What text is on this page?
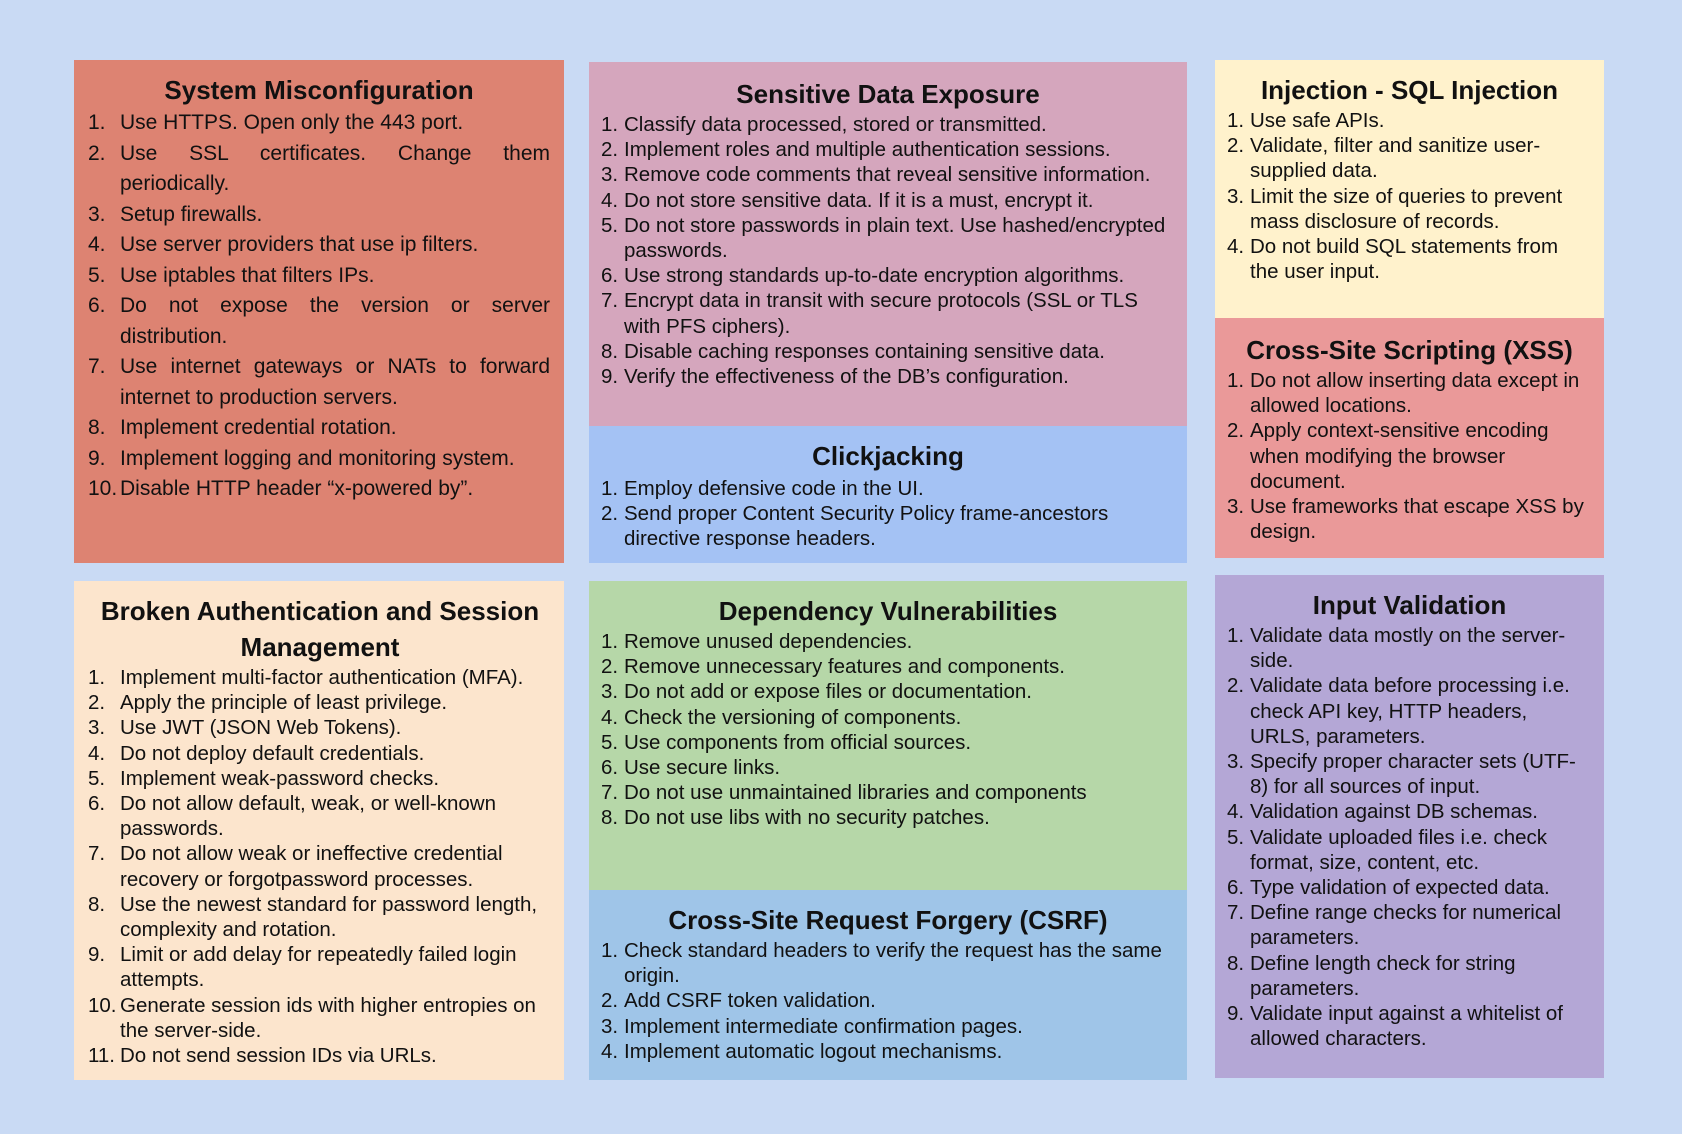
System Misconfiguration
1. Use HTTPS. Open only the 443 port.
2. Use SSL certificates. Change them periodically.
3. Setup firewalls.
4. Use server providers that use ip filters.
5. Use iptables that filters IPs.
6. Do not expose the version or server distribution.
7. Use internet gateways or NATs to forward internet to production servers.
8. Implement credential rotation.
9. Implement logging and monitoring system.
10. Disable HTTP header “x-powered by”.
Sensitive Data Exposure
1. Classify data processed, stored or transmitted.
2. Implement roles and multiple authentication sessions.
3. Remove code comments that reveal sensitive information.
4. Do not store sensitive data. If it is a must, encrypt it.
5. Do not store passwords in plain text. Use hashed/encrypted passwords.
6. Use strong standards up-to-date encryption algorithms.
7. Encrypt data in transit with secure protocols (SSL or TLS with PFS ciphers).
8. Disable caching responses containing sensitive data.
9. Verify the effectiveness of the DB’s configuration.
Clickjacking
1. Employ defensive code in the UI.
2. Send proper Content Security Policy frame-ancestors directive response headers.
Injection - SQL Injection
1. Use safe APIs.
2. Validate, filter and sanitize user-supplied data.
3. Limit the size of queries to prevent mass disclosure of records.
4. Do not build SQL statements from the user input.
Cross-Site Scripting (XSS)
1. Do not allow inserting data except in allowed locations.
2. Apply context-sensitive encoding when modifying the browser document.
3. Use frameworks that escape XSS by design.
Broken Authentication and Session Management
1. Implement multi-factor authentication (MFA).
2. Apply the principle of least privilege.
3. Use JWT (JSON Web Tokens).
4. Do not deploy default credentials.
5. Implement weak-password checks.
6. Do not allow default, weak, or well-known passwords.
7. Do not allow weak or ineffective credential recovery or forgotpassword processes.
8. Use the newest standard for password length, complexity and rotation.
9. Limit or add delay for repeatedly failed login attempts.
10. Generate session ids with higher entropies on the server-side.
11. Do not send session IDs via URLs.
Dependency Vulnerabilities
1. Remove unused dependencies.
2. Remove unnecessary features and components.
3. Do not add or expose files or documentation.
4. Check the versioning of components.
5. Use components from official sources.
6. Use secure links.
7. Do not use unmaintained libraries and components
8. Do not use libs with no security patches.
Cross-Site Request Forgery (CSRF)
1. Check standard headers to verify the request has the same origin.
2. Add CSRF token validation.
3. Implement intermediate confirmation pages.
4. Implement automatic logout mechanisms.
Input Validation
1. Validate data mostly on the server-side.
2. Validate data before processing i.e. check API key, HTTP headers, URLS, parameters.
3. Specify proper character sets (UTF-8) for all sources of input.
4. Validation against DB schemas.
5. Validate uploaded files i.e. check format, size, content, etc.
6. Type validation of expected data.
7. Define range checks for numerical parameters.
8. Define length check for string parameters.
9. Validate input against a whitelist of allowed characters.
